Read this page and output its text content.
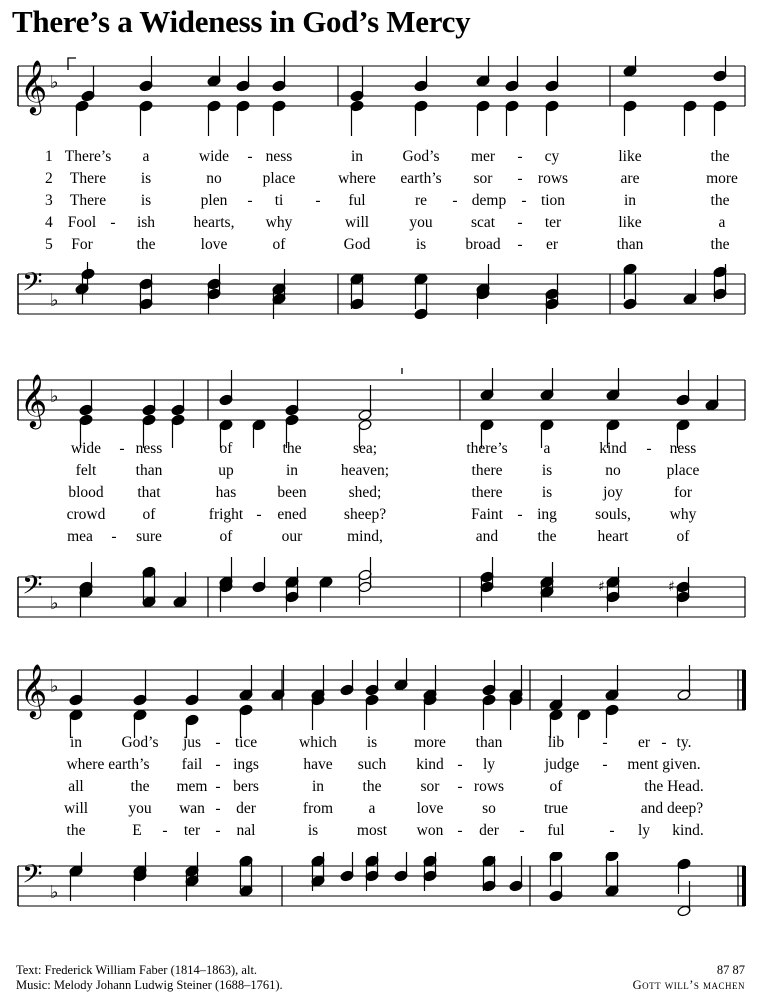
There’s a Wideness in God’s Mercy
𝄞 ♭
𝄢 ♭
𝄞 ♭
𝄢 ♭
♯	♯
𝄞 ♭
𝄢 ♭
1 There’s a	wide - ness	in	God’s mer - cy	like	the
2 There is	no	place	where earth’s sor - rows	are	more
3 There is	plen - ti - ful	re - demp - tion	in	the
4 Fool - ish hearts, why	will	you scat - ter	like	a
5 For	the	love	of	God	is	broad - er	than	the
wide - ness	of	the	sea;	there’s a	kind - ness
felt	than	up	in	heaven;	there	is	no	place
blood that	has	been	shed;	there	is	joy	for
crowd of	fright - ened sheep?	Faint - ing souls,	why
mea - sure	of	our	mind,	and	the	heart	of
in	God’s jus - tice	which is more than	lib - er - ty.
where earth’s fail - ings	have such kind - ly	judge - ment given.
all	the mem - bers	in the	sor - rows	of	the Head.
will	you wan - der	from a	love	so	true	and deep?
the	E - ter - nal	is	most won - der - ful	- ly kind.
Text: Frederick William Faber (1814–1863), alt.
Music: Melody Johann Ludwig Steiner (1688–1761).
87 87
Gott will’s machen
